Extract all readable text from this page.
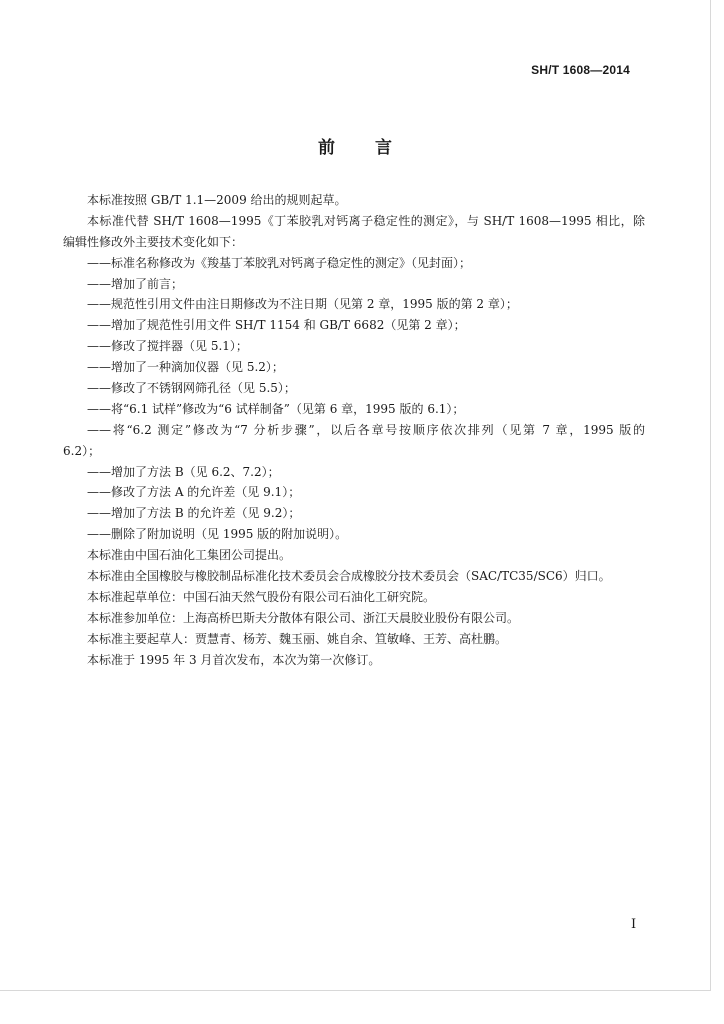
SH/T 1608—2014
前 言
本标准按照 GB/T 1.1—2009 给出的规则起草。
本标准代替 SH/T 1608—1995《丁苯胶乳对钙离子稳定性的测定》，与 SH/T 1608—1995 相比，除
编辑性修改外主要技术变化如下：
——标准名称修改为《羧基丁苯胶乳对钙离子稳定性的测定》（见封面）；
——增加了前言；
——规范性引用文件由注日期修改为不注日期（见第 2 章，1995 版的第 2 章）；
——增加了规范性引用文件 SH/T 1154 和 GB/T 6682（见第 2 章）；
——修改了搅拌器（见 5.1）；
——增加了一种滴加仪器（见 5.2）；
——修改了不锈钢网筛孔径（见 5.5）；
——将“6.1 试样”修改为“6 试样制备”（见第 6 章，1995 版的 6.1）；
——将“6.2 测定”修改为“7 分析步骤”，以后各章号按顺序依次排列（见第 7 章，1995 版的
6.2）；
——增加了方法 B（见 6.2、7.2）；
——修改了方法 A 的允许差（见 9.1）；
——增加了方法 B 的允许差（见 9.2）；
——删除了附加说明（见 1995 版的附加说明）。
本标准由中国石油化工集团公司提出。
本标准由全国橡胶与橡胶制品标准化技术委员会合成橡胶分技术委员会（SAC/TC35/SC6）归口。
本标准起草单位：中国石油天然气股份有限公司石油化工研究院。
本标准参加单位：上海高桥巴斯夫分散体有限公司、浙江天晨胶业股份有限公司。
本标准主要起草人：贾慧青、杨芳、魏玉丽、姚自余、笪敏峰、王芳、高杜鹏。
本标准于 1995 年 3 月首次发布，本次为第一次修订。
I
